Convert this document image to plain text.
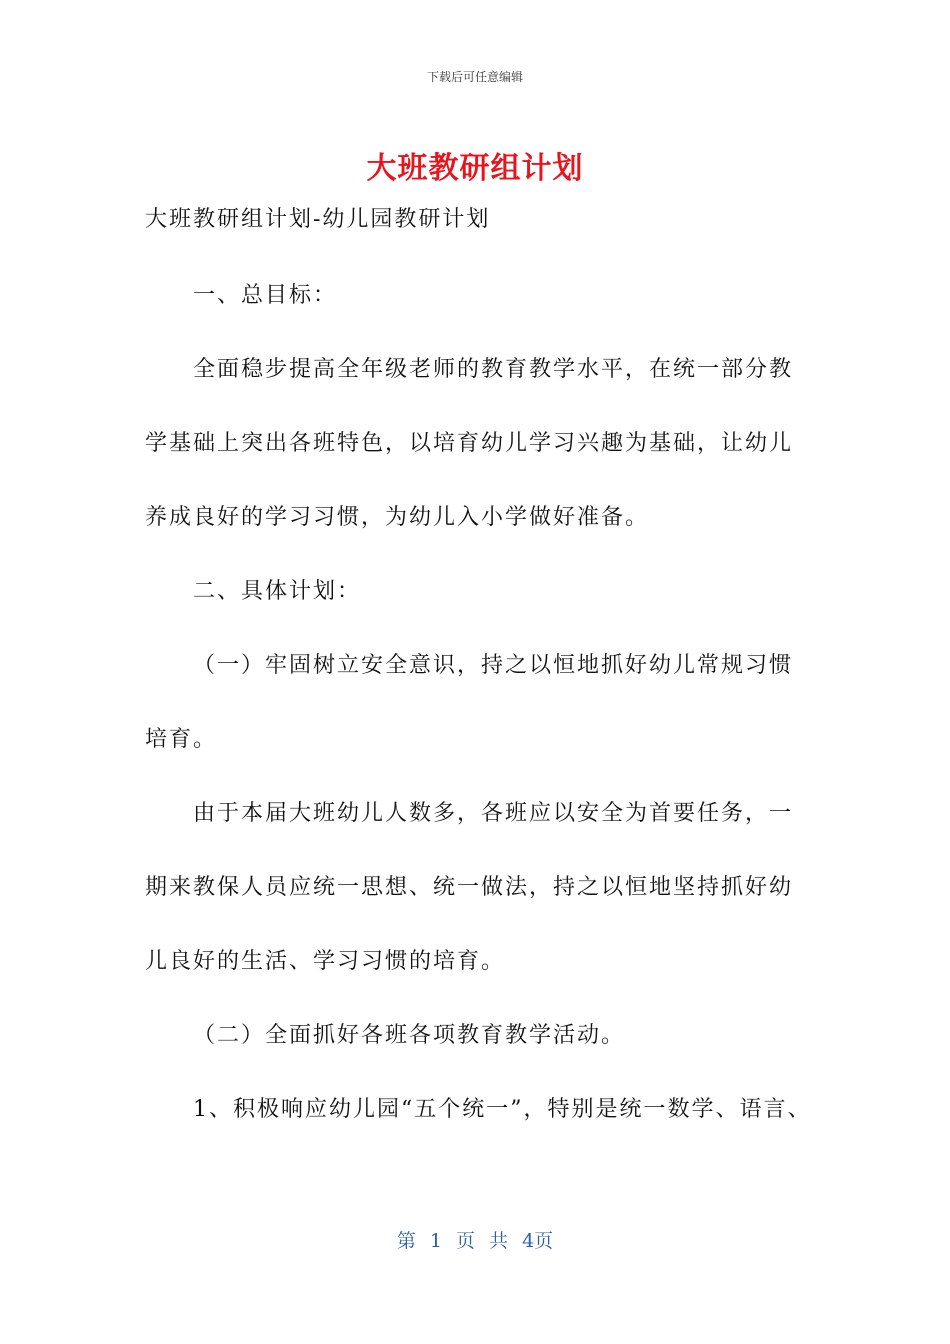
下载后可任意编辑
大班教研组计划
大班教研组计划-幼儿园教研计划
一、总目标：
全面稳步提高全年级老师的教育教学水平，在统一部分教
学基础上突出各班特色，以培育幼儿学习兴趣为基础，让幼儿
养成良好的学习习惯，为幼儿入小学做好准备。
二、具体计划：
（一）牢固树立安全意识，持之以恒地抓好幼儿常规习惯
培育。
由于本届大班幼儿人数多，各班应以安全为首要任务，一
期来教保人员应统一思想、统一做法，持之以恒地坚持抓好幼
儿良好的生活、学习习惯的培育。
（二）全面抓好各班各项教育教学活动。
1、积极响应幼儿园“五个统一”，特别是统一数学、语言、
第 1 页 共 4页
